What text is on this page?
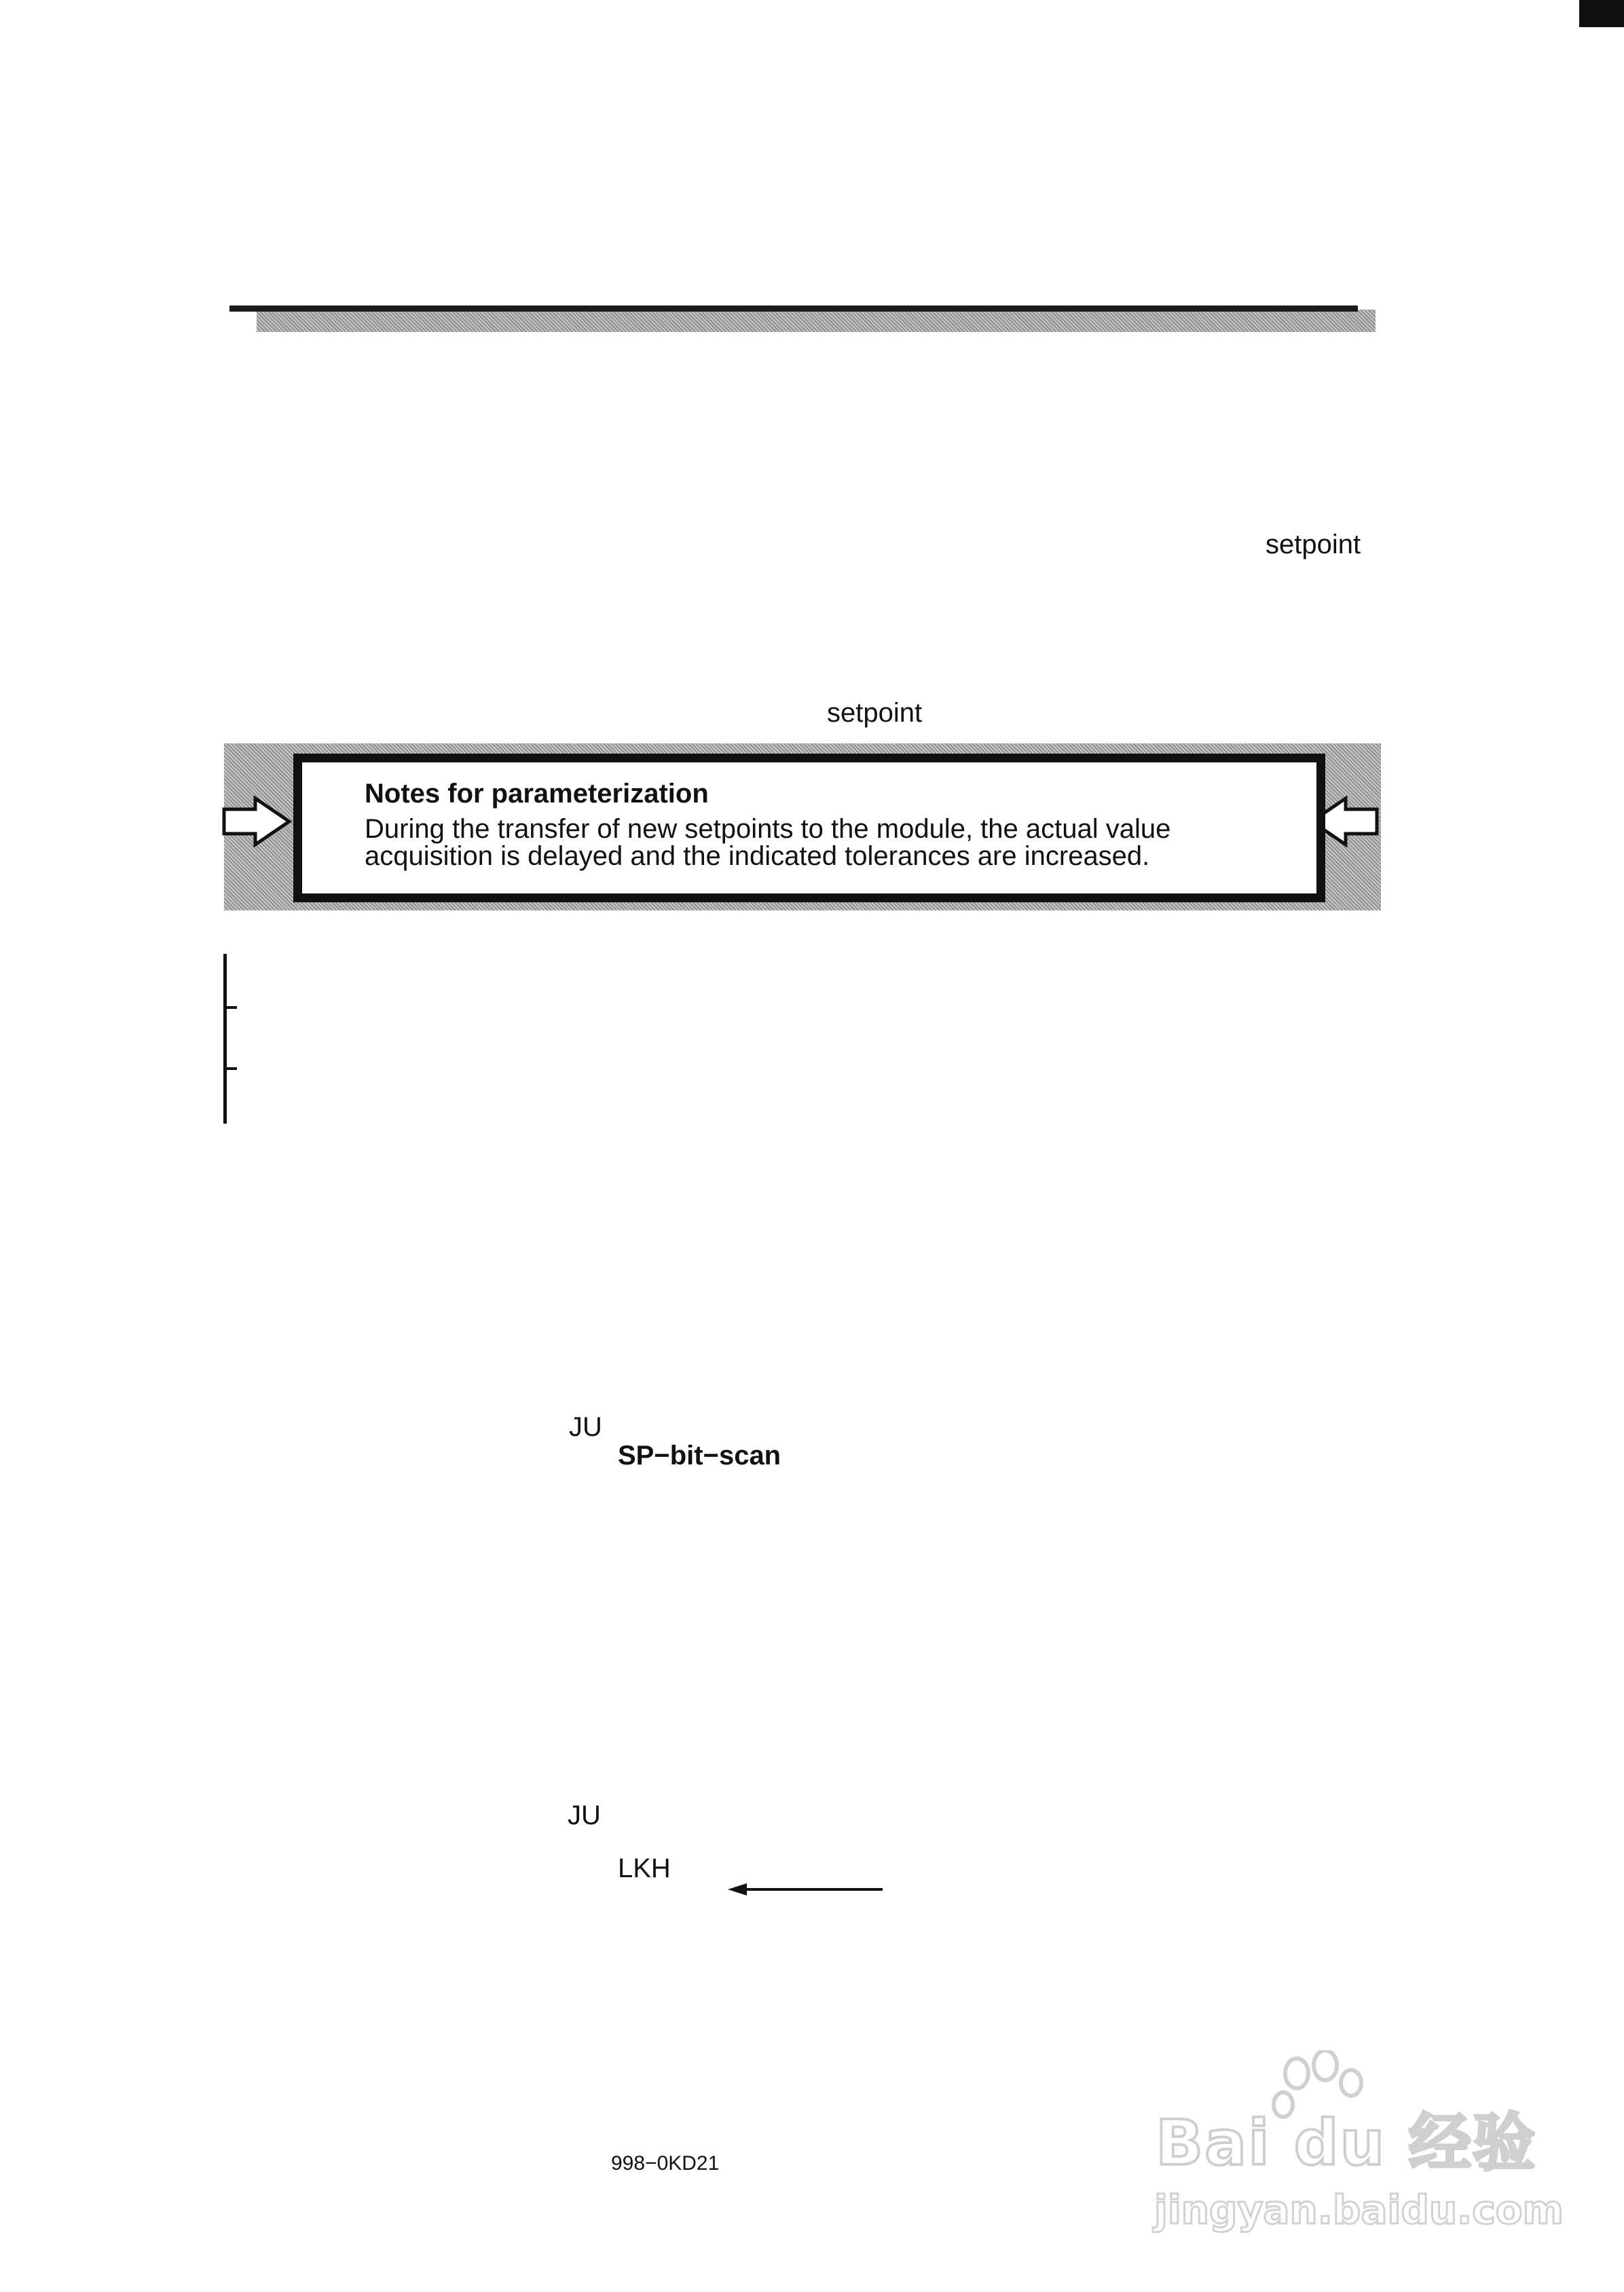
setpoint
setpoint
Notes for parameterization
During the transfer of new setpoints to the module, the actual value
acquisition is delayed and the indicated tolerances are increased.
JU
SP−bit−scan
JU
LKH
998−0KD21	Bai du 经验
jingyan.baidu.com
